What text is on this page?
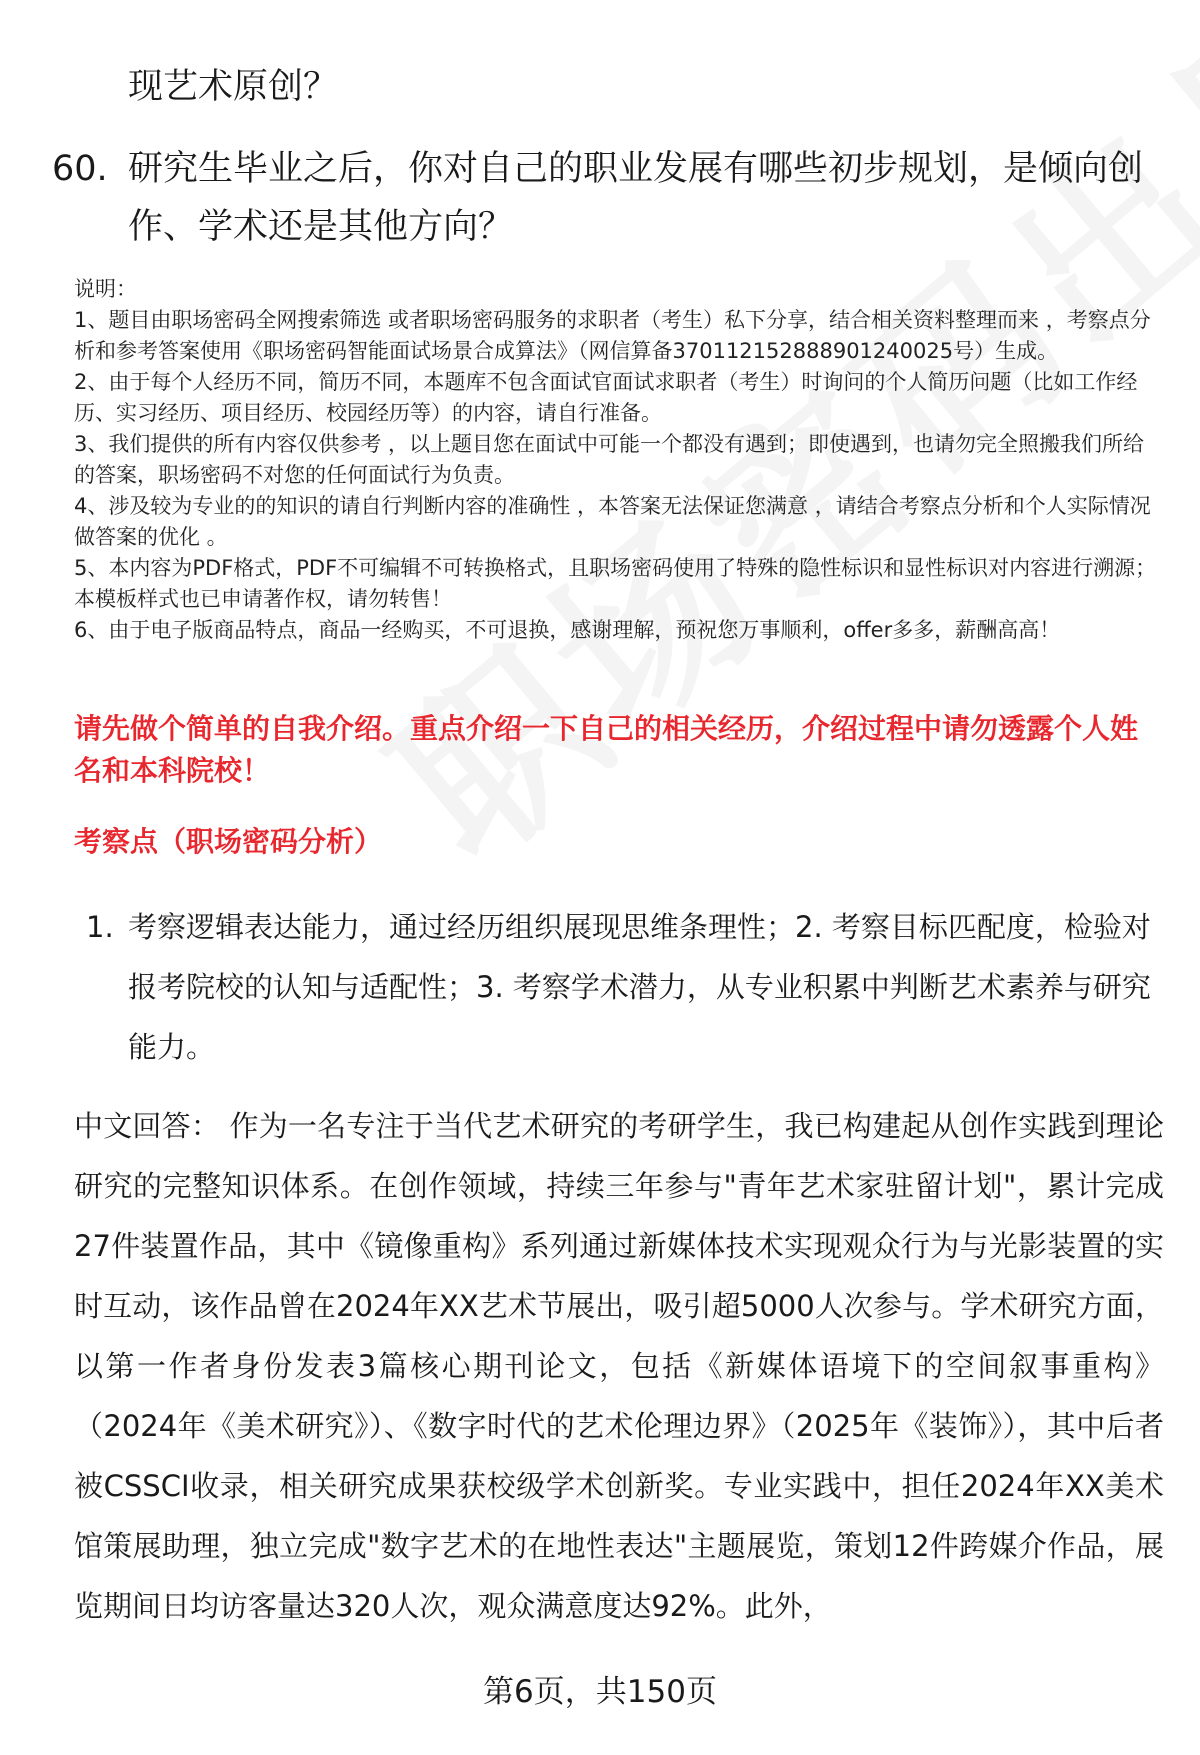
现艺术原创？
60. 研究生毕业之后，你对自己的职业发展有哪些初步规划，是倾向创作、学术还是其他方向？

说明：

1、题目由职场密码全网搜索筛选 或者职场密码服务的求职者（考生）私下分享，结合相关资料整理而来 ，考察点分析和参考答案使用《职场密码智能面试场景合成算法》（网信算备370112152888901240025号）生成。

2、由于每个人经历不同，简历不同，本题库不包含面试官面试求职者（考生）时询问的个人简历问题（比如工作经历、实习经历、项目经历、校园经历等）的内容，请自行准备。

3、我们提供的所有内容仅供参考 ，以上题目您在面试中可能一个都没有遇到；即使遇到，也请勿完全照搬我们所给的答案，职场密码不对您的任何面试行为负责。

4、涉及较为专业的的知识的请自行判断内容的准确性 ，本答案无法保证您满意 ，请结合考察点分析和个人实际情况做答案的优化 。

5、本内容为PDF格式，PDF不可编辑不可转换格式，且职场密码使用了特殊的隐性标识和显性标识对内容进行溯源；本模板样式也已申请著作权，请勿转售！

6、由于电子版商品特点，商品一经购买，不可退换，感谢理解，预祝您万事顺利，offer多多，薪酬高高！

请先做个简单的自我介绍。重点介绍一下自己的相关经历，介绍过程中请勿透露个人姓名和本科院校！
考察点（职场密码分析）
1. 考察逻辑表达能力，通过经历组织展现思维条理性；2. 考察目标匹配度，检验对报考院校的认知与适配性；3. 考察学术潜力，从专业积累中判断艺术素养与研究能力。
中文回答： 作为一名专注于当代艺术研究的考研学生，我已构建起从创作实践到理论研究的完整知识体系。在创作领域，持续三年参与"青年艺术家驻留计划"，累计完成27件装置作品，其中《镜像重构》系列通过新媒体技术实现观众行为与光影装置的实时互动，该作品曾在2024年XX艺术节展出，吸引超5000人次参与。学术研究方面，以第一作者身份发表3篇核心期刊论文，包括《新媒体语境下的空间叙事重构》（2024年《美术研究》）、《数字时代的艺术伦理边界》（2025年《装饰》），其中后者被CSSCI收录，相关研究成果获校级学术创新奖。专业实践中，担任2024年XX美术馆策展助理，独立完成"数字艺术的在地性表达"主题展览，策划12件跨媒介作品，展览期间日均访客量达320人次，观众满意度达92%。此外，
第6页，共150页
